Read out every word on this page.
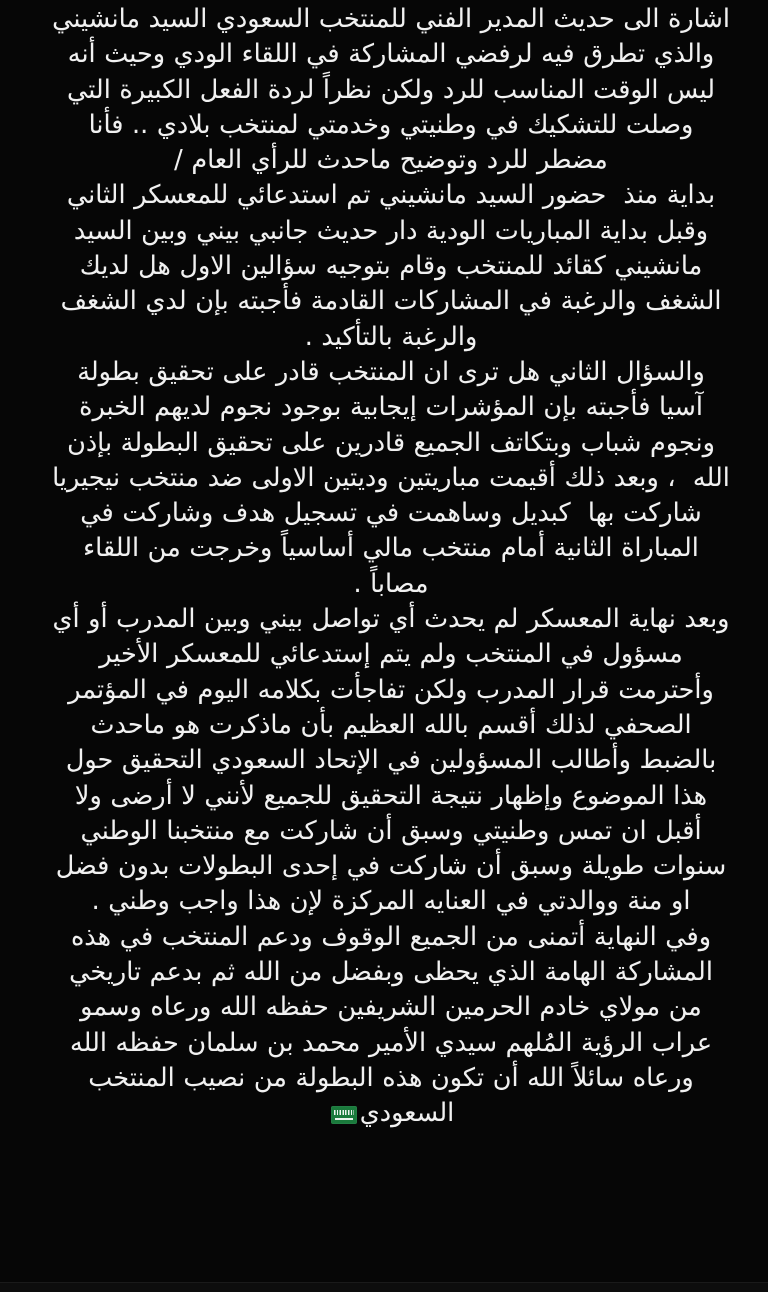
اشارة الى حديث المدير الفني للمنتخب السعودي السيد مانشيني والذي تطرق فيه لرفضي المشاركة في اللقاء الودي وحيث أنه ليس الوقت المناسب للرد ولكن نظراً لردة الفعل الكبيرة التي وصلت للتشكيك في وطنيتي وخدمتي لمنتخب بلادي .. فأنا مضطر للرد وتوضيح ماحدث للرأي العام /

بداية منذ  حضور السيد مانشيني تم استدعائي للمعسكر الثاني وقبل بداية المباريات الودية دار حديث جانبي بيني وبين السيد مانشيني كقائد للمنتخب وقام بتوجيه سؤالين الاول هل لديك الشغف والرغبة في المشاركات القادمة فأجبته بإن لدي الشغف والرغبة بالتأكيد .

والسؤال الثاني هل ترى ان المنتخب قادر على تحقيق بطولة آسيا فأجبته بإن المؤشرات إيجابية بوجود نجوم لديهم الخبرة ونجوم شباب وبتكاتف الجميع قادرين على تحقيق البطولة بإذن الله  ، وبعد ذلك أقيمت مباريتين وديتين الاولى ضد منتخب نيجيريا شاركت بها  كبديل وساهمت في تسجيل هدف وشاركت في المباراة الثانية أمام منتخب مالي أساسياً وخرجت من اللقاء مصاباً .

وبعد نهاية المعسكر لم يحدث أي تواصل بيني وبين المدرب أو أي مسؤول في المنتخب ولم يتم إستدعائي للمعسكر الأخير وأحترمت قرار المدرب ولكن تفاجأت بكلامه اليوم في المؤتمر الصحفي لذلك أقسم بالله العظيم بأن ماذكرت هو ماحدث بالضبط وأطالب المسؤولين في الإتحاد السعودي التحقيق حول هذا الموضوع وإظهار نتيجة التحقيق للجميع لأنني لا أرضى ولا أقبل ان تمس وطنيتي وسبق أن شاركت مع منتخبنا الوطني سنوات طويلة وسبق أن شاركت في إحدى البطولات بدون فضل او منة ووالدتي في العنايه المركزة لإن هذا واجب وطني .

وفي النهاية أتمنى من الجميع الوقوف ودعم المنتخب في هذه المشاركة الهامة الذي يحظى وبفضل من الله ثم بدعم تاريخي من مولاي خادم الحرمين الشريفين حفظه الله ورعاه وسمو عراب الرؤية المُلهم سيدي الأمير محمد بن سلمان حفظه الله ورعاه سائلاً الله أن تكون هذه البطولة من نصيب المنتخب السعودي
